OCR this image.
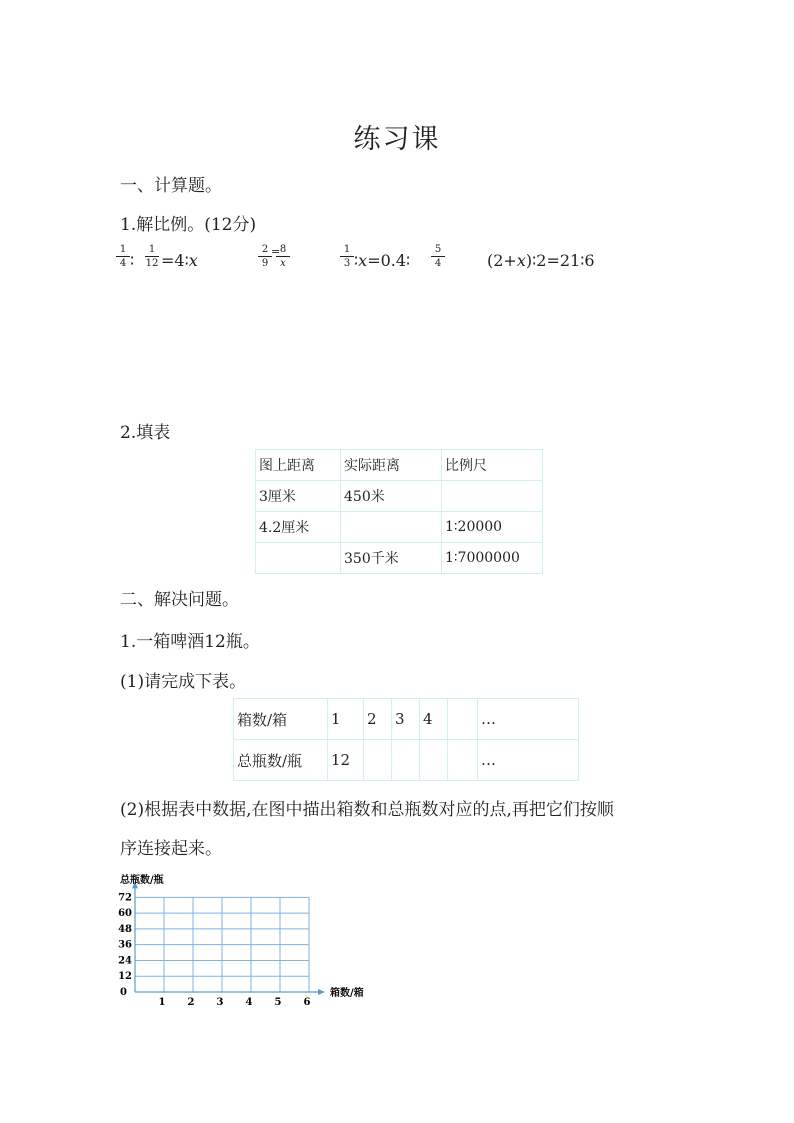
练习课
一、计算题。
1.解比例。(12分)
1
4 ∶
1
12 =4∶x
2
9
= 8
x
1
3 ∶x=0.4∶
5
4	(2+x)∶2=21∶6
2.填表
图上距离	实际距离	比例尺
3厘米	450米	
4.2厘米		1∶20000
	350千米	1∶7000000
二、解决问题。
1.一箱啤酒12瓶。
(1)请完成下表。
箱数/箱	1	2	3	4		…
总瓶数/瓶	12					…
(2)根据表中数据,在图中描出箱数和总瓶数对应的点,再把它们按顺
序连接起来。
0
1 2 3 4 5 6
12
24
36
48
60
72
箱数/箱
总瓶数/瓶
